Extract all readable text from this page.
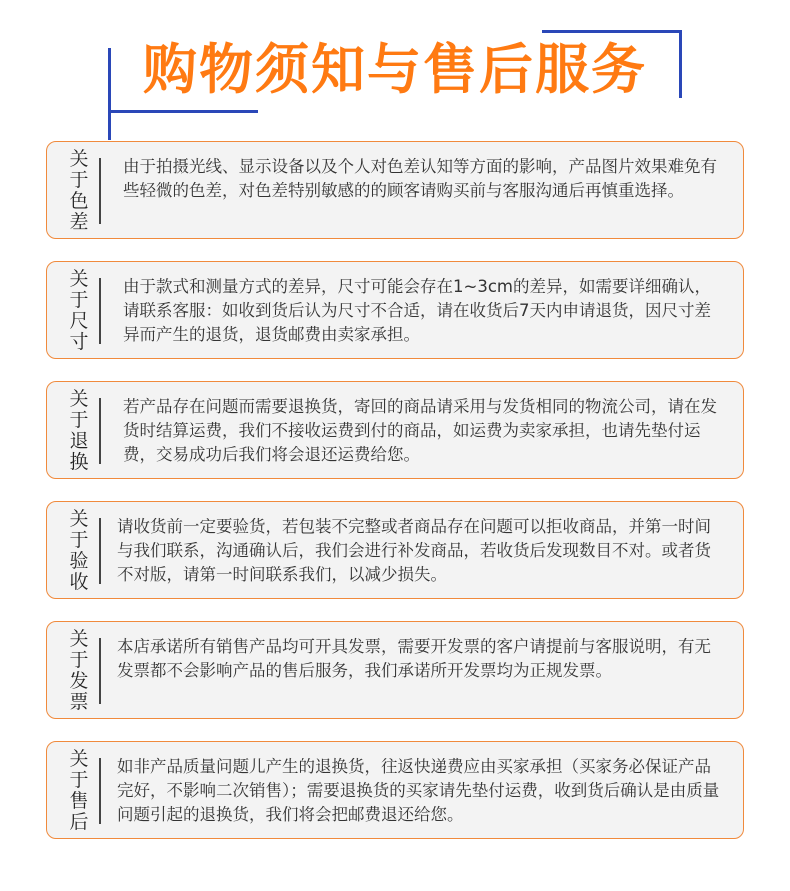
购物须知与售后服务
关
于
色
差
由于拍摄光线、显示设备以及个人对色差认知等方面的影响，产品图片效果难免有些轻微的色差，对色差特别敏感的的顾客请购买前与客服沟通后再慎重选择。
关
于
尺
寸
由于款式和测量方式的差异，尺寸可能会存在1~3cm的差异，如需要详细确认，请联系客服：如收到货后认为尺寸不合适，请在收货后7天内申请退货，因尺寸差异而产生的退货，退货邮费由卖家承担。
关
于
退
换
若产品存在问题而需要退换货，寄回的商品请采用与发货相同的物流公司，请在发货时结算运费，我们不接收运费到付的商品，如运费为卖家承担，也请先垫付运费，交易成功后我们将会退还运费给您。
关
于
验
收
请收货前一定要验货，若包装不完整或者商品存在问题可以拒收商品，并第一时间与我们联系，沟通确认后，我们会进行补发商品，若收货后发现数目不对。或者货不对版，请第一时间联系我们，以减少损失。
关
于
发
票
本店承诺所有销售产品均可开具发票，需要开发票的客户请提前与客服说明，有无发票都不会影响产品的售后服务，我们承诺所开发票均为正规发票。
关
于
售
后
如非产品质量问题儿产生的退换货，往返快递费应由买家承担（买家务必保证产品完好，不影响二次销售）；需要退换货的买家请先垫付运费，收到货后确认是由质量问题引起的退换货，我们将会把邮费退还给您。
